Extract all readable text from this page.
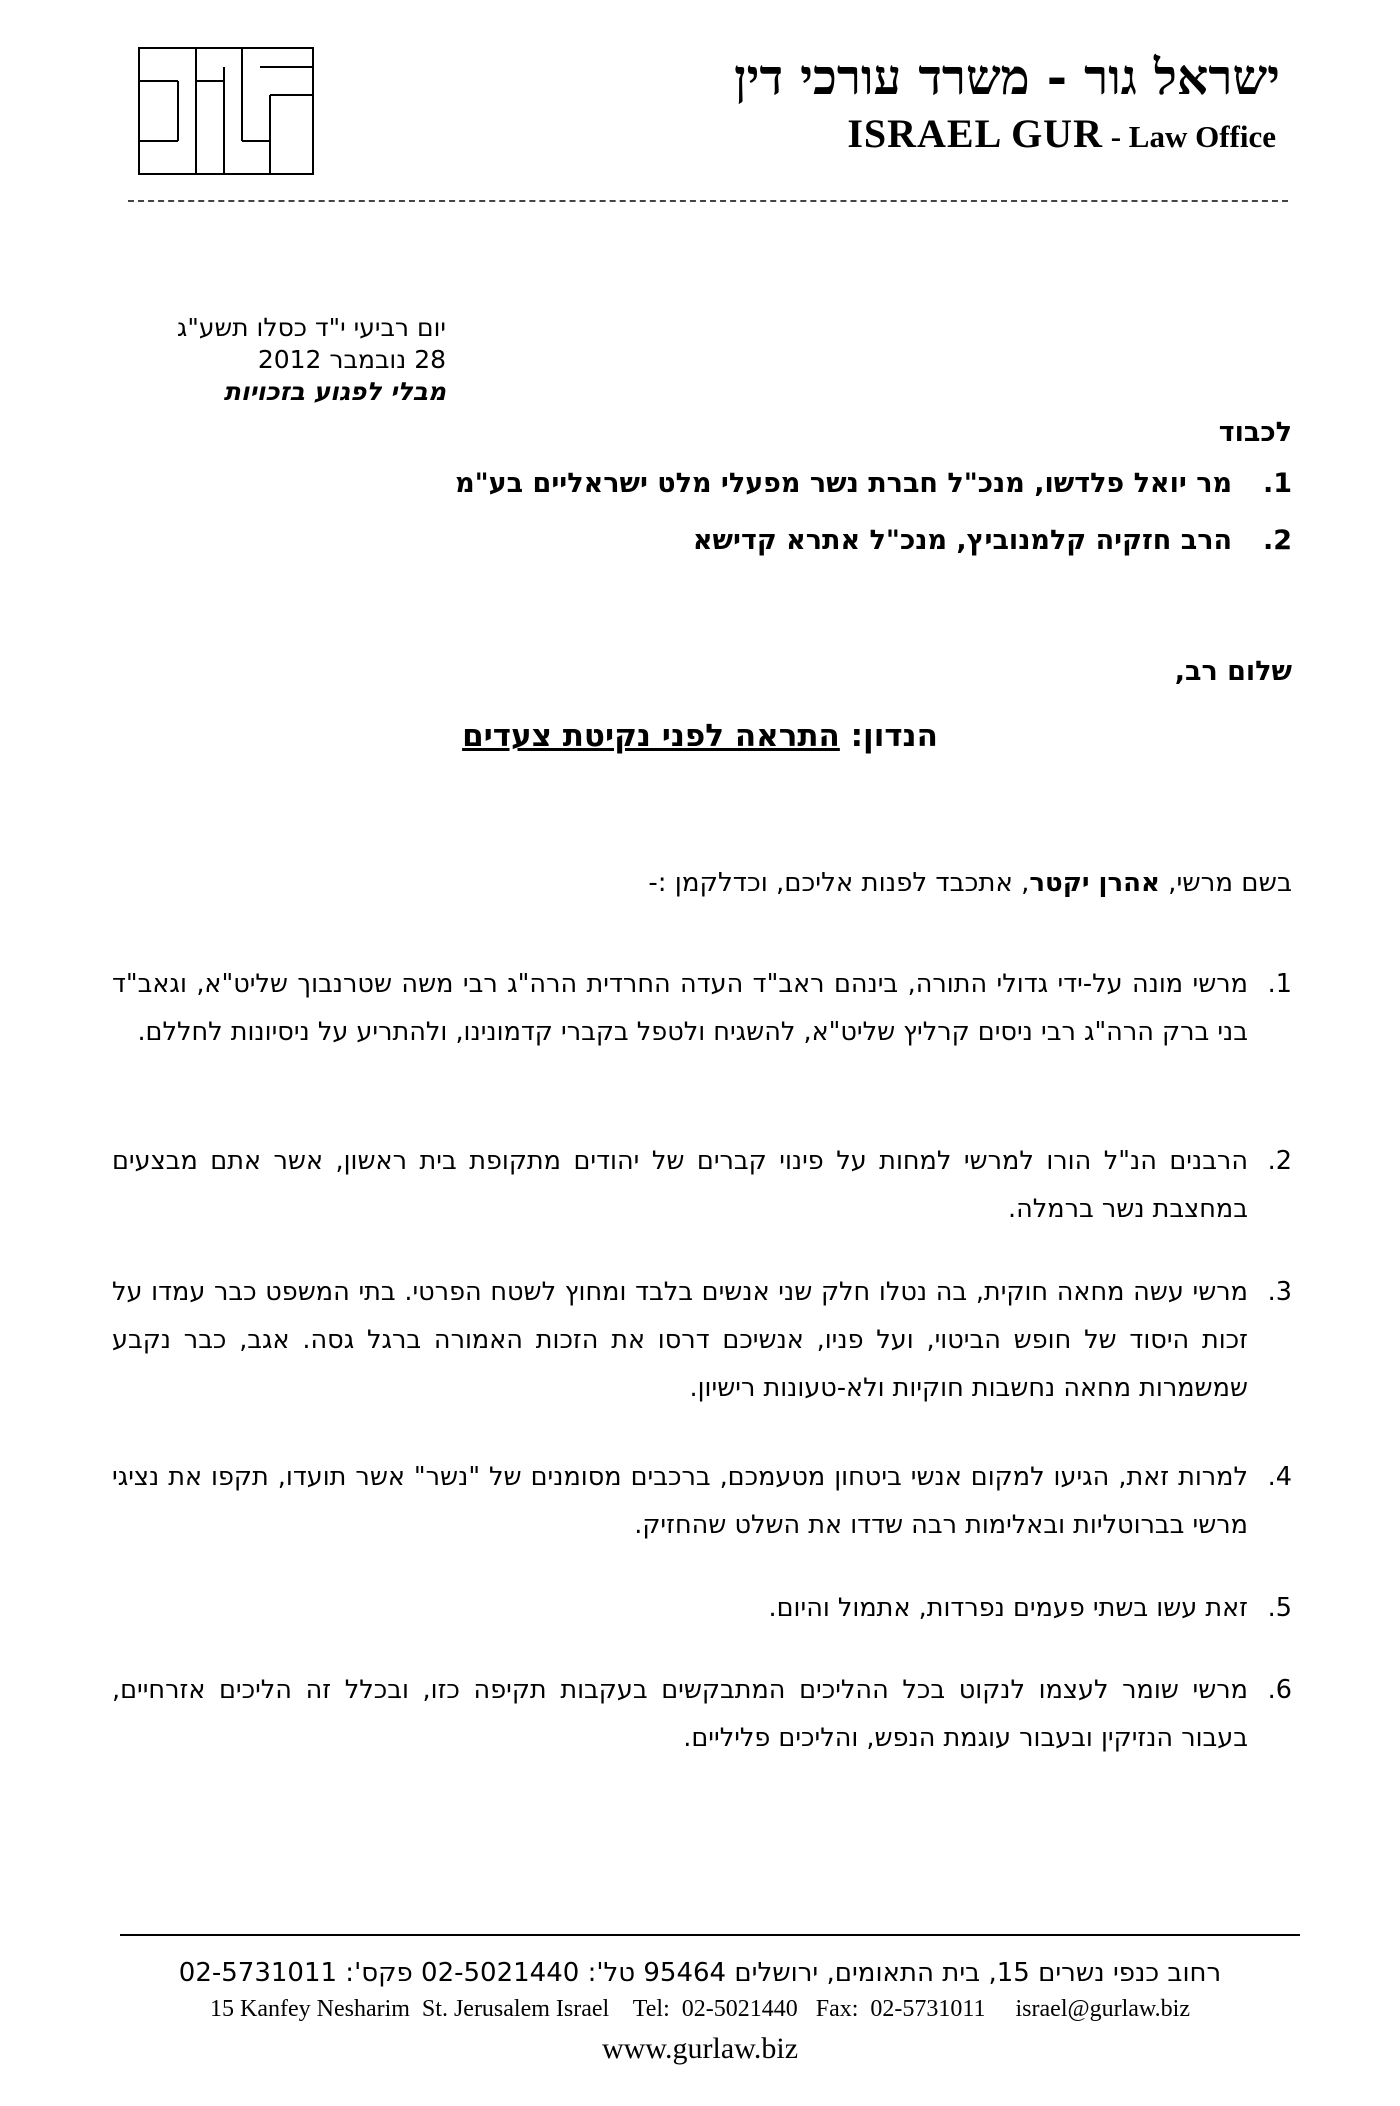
ישראל גור - משרד עורכי דין
ISRAEL GUR - Law Office
יום רביעי י"ד כסלו תשע"ג
28 נובמבר 2012
מבלי לפגוע בזכויות
לכבוד
1.
מר יואל פלדשו, מנכ"ל חברת נשר מפעלי מלט ישראליים בע"מ
2.
הרב חזקיה קלמנוביץ, מנכ"ל אתרא קדישא
שלום רב,
הנדון: התראה לפני נקיטת צעדים
בשם מרשי, אהרן יקטר, אתכבד לפנות אליכם, וכדלקמן :-
1.
מרשי מונה על-ידי גדולי התורה, בינהם ראב"ד העדה החרדית הרה"ג רבי משה שטרנבוך שליט"א, וגאב"ד בני ברק הרה"ג רבי ניסים קרליץ שליט"א, להשגיח ולטפל בקברי קדמונינו, ולהתריע על ניסיונות לחללם.
2.
הרבנים הנ"ל הורו למרשי למחות על פינוי קברים של יהודים מתקופת בית ראשון, אשר אתם מבצעים במחצבת נשר ברמלה.
3.
מרשי עשה מחאה חוקית, בה נטלו חלק שני אנשים בלבד ומחוץ לשטח הפרטי. בתי המשפט כבר עמדו על זכות היסוד של חופש הביטוי, ועל פניו, אנשיכם דרסו את הזכות האמורה ברגל גסה. אגב, כבר נקבע שמשמרות מחאה נחשבות חוקיות ולא-טעונות רישיון.
4.
למרות זאת, הגיעו למקום אנשי ביטחון מטעמכם, ברכבים מסומנים של "נשר" אשר תועדו, תקפו את נציגי מרשי בברוטליות ובאלימות רבה שדדו את השלט שהחזיק.
5.
זאת עשו בשתי פעמים נפרדות, אתמול והיום.
6.
מרשי שומר לעצמו לנקוט בכל ההליכים המתבקשים בעקבות תקיפה כזו, ובכלל זה הליכים אזרחיים, בעבור הנזיקין ובעבור עוגמת הנפש, והליכים פליליים.
רחוב כנפי נשרים 15, בית התאומים, ירושלים 95464 טל': 02-5021440 פקס': 02-5731011
15 Kanfey Nesharim  St. Jerusalem Israel    Tel:  02-5021440   Fax:  02-5731011     israel@gurlaw.biz
www.gurlaw.biz
